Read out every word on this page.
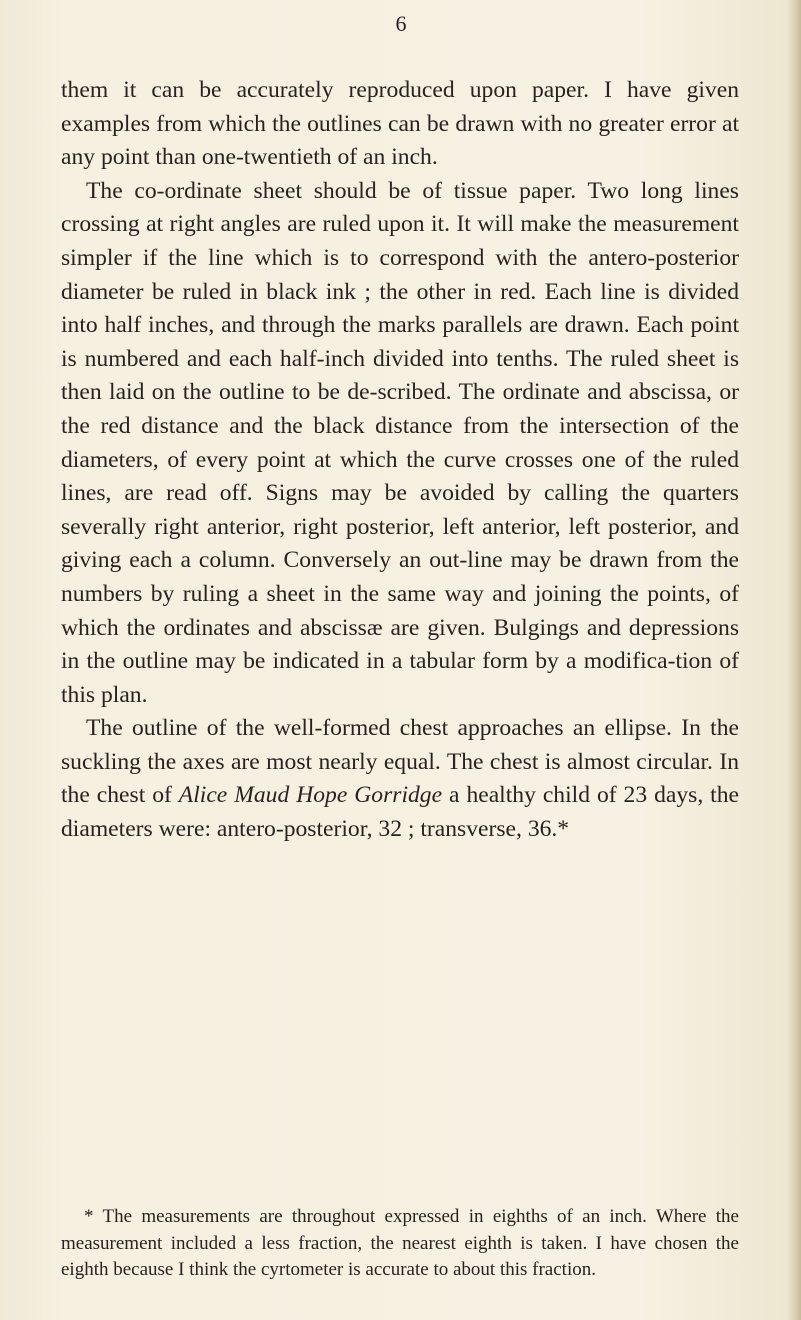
6

them it can be accurately reproduced upon paper. I have given examples from which the outlines can be drawn with no greater error at any point than one-twentieth of an inch.

The co-ordinate sheet should be of tissue paper. Two long lines crossing at right angles are ruled upon it. It will make the measurement simpler if the line which is to correspond with the antero-posterior diameter be ruled in black ink ; the other in red. Each line is divided into half inches, and through the marks parallels are drawn. Each point is numbered and each half-inch divided into tenths. The ruled sheet is then laid on the outline to be de-scribed. The ordinate and abscissa, or the red distance and the black distance from the intersection of the diameters, of every point at which the curve crosses one of the ruled lines, are read off. Signs may be avoided by calling the quarters severally right anterior, right posterior, left anterior, left posterior, and giving each a column. Conversely an out-line may be drawn from the numbers by ruling a sheet in the same way and joining the points, of which the ordinates and abscissæ are given. Bulgings and depressions in the outline may be indicated in a tabular form by a modifica-tion of this plan.

The outline of the well-formed chest approaches an ellipse. In the suckling the axes are most nearly equal. The chest is almost circular. In the chest of Alice Maud Hope Gorridge a healthy child of 23 days, the diameters were: antero-posterior, 32 ; transverse, 36.*

* The measurements are throughout expressed in eighths of an inch. Where the measurement included a less fraction, the nearest eighth is taken. I have chosen the eighth because I think the cyrtometer is accurate to about this fraction.
